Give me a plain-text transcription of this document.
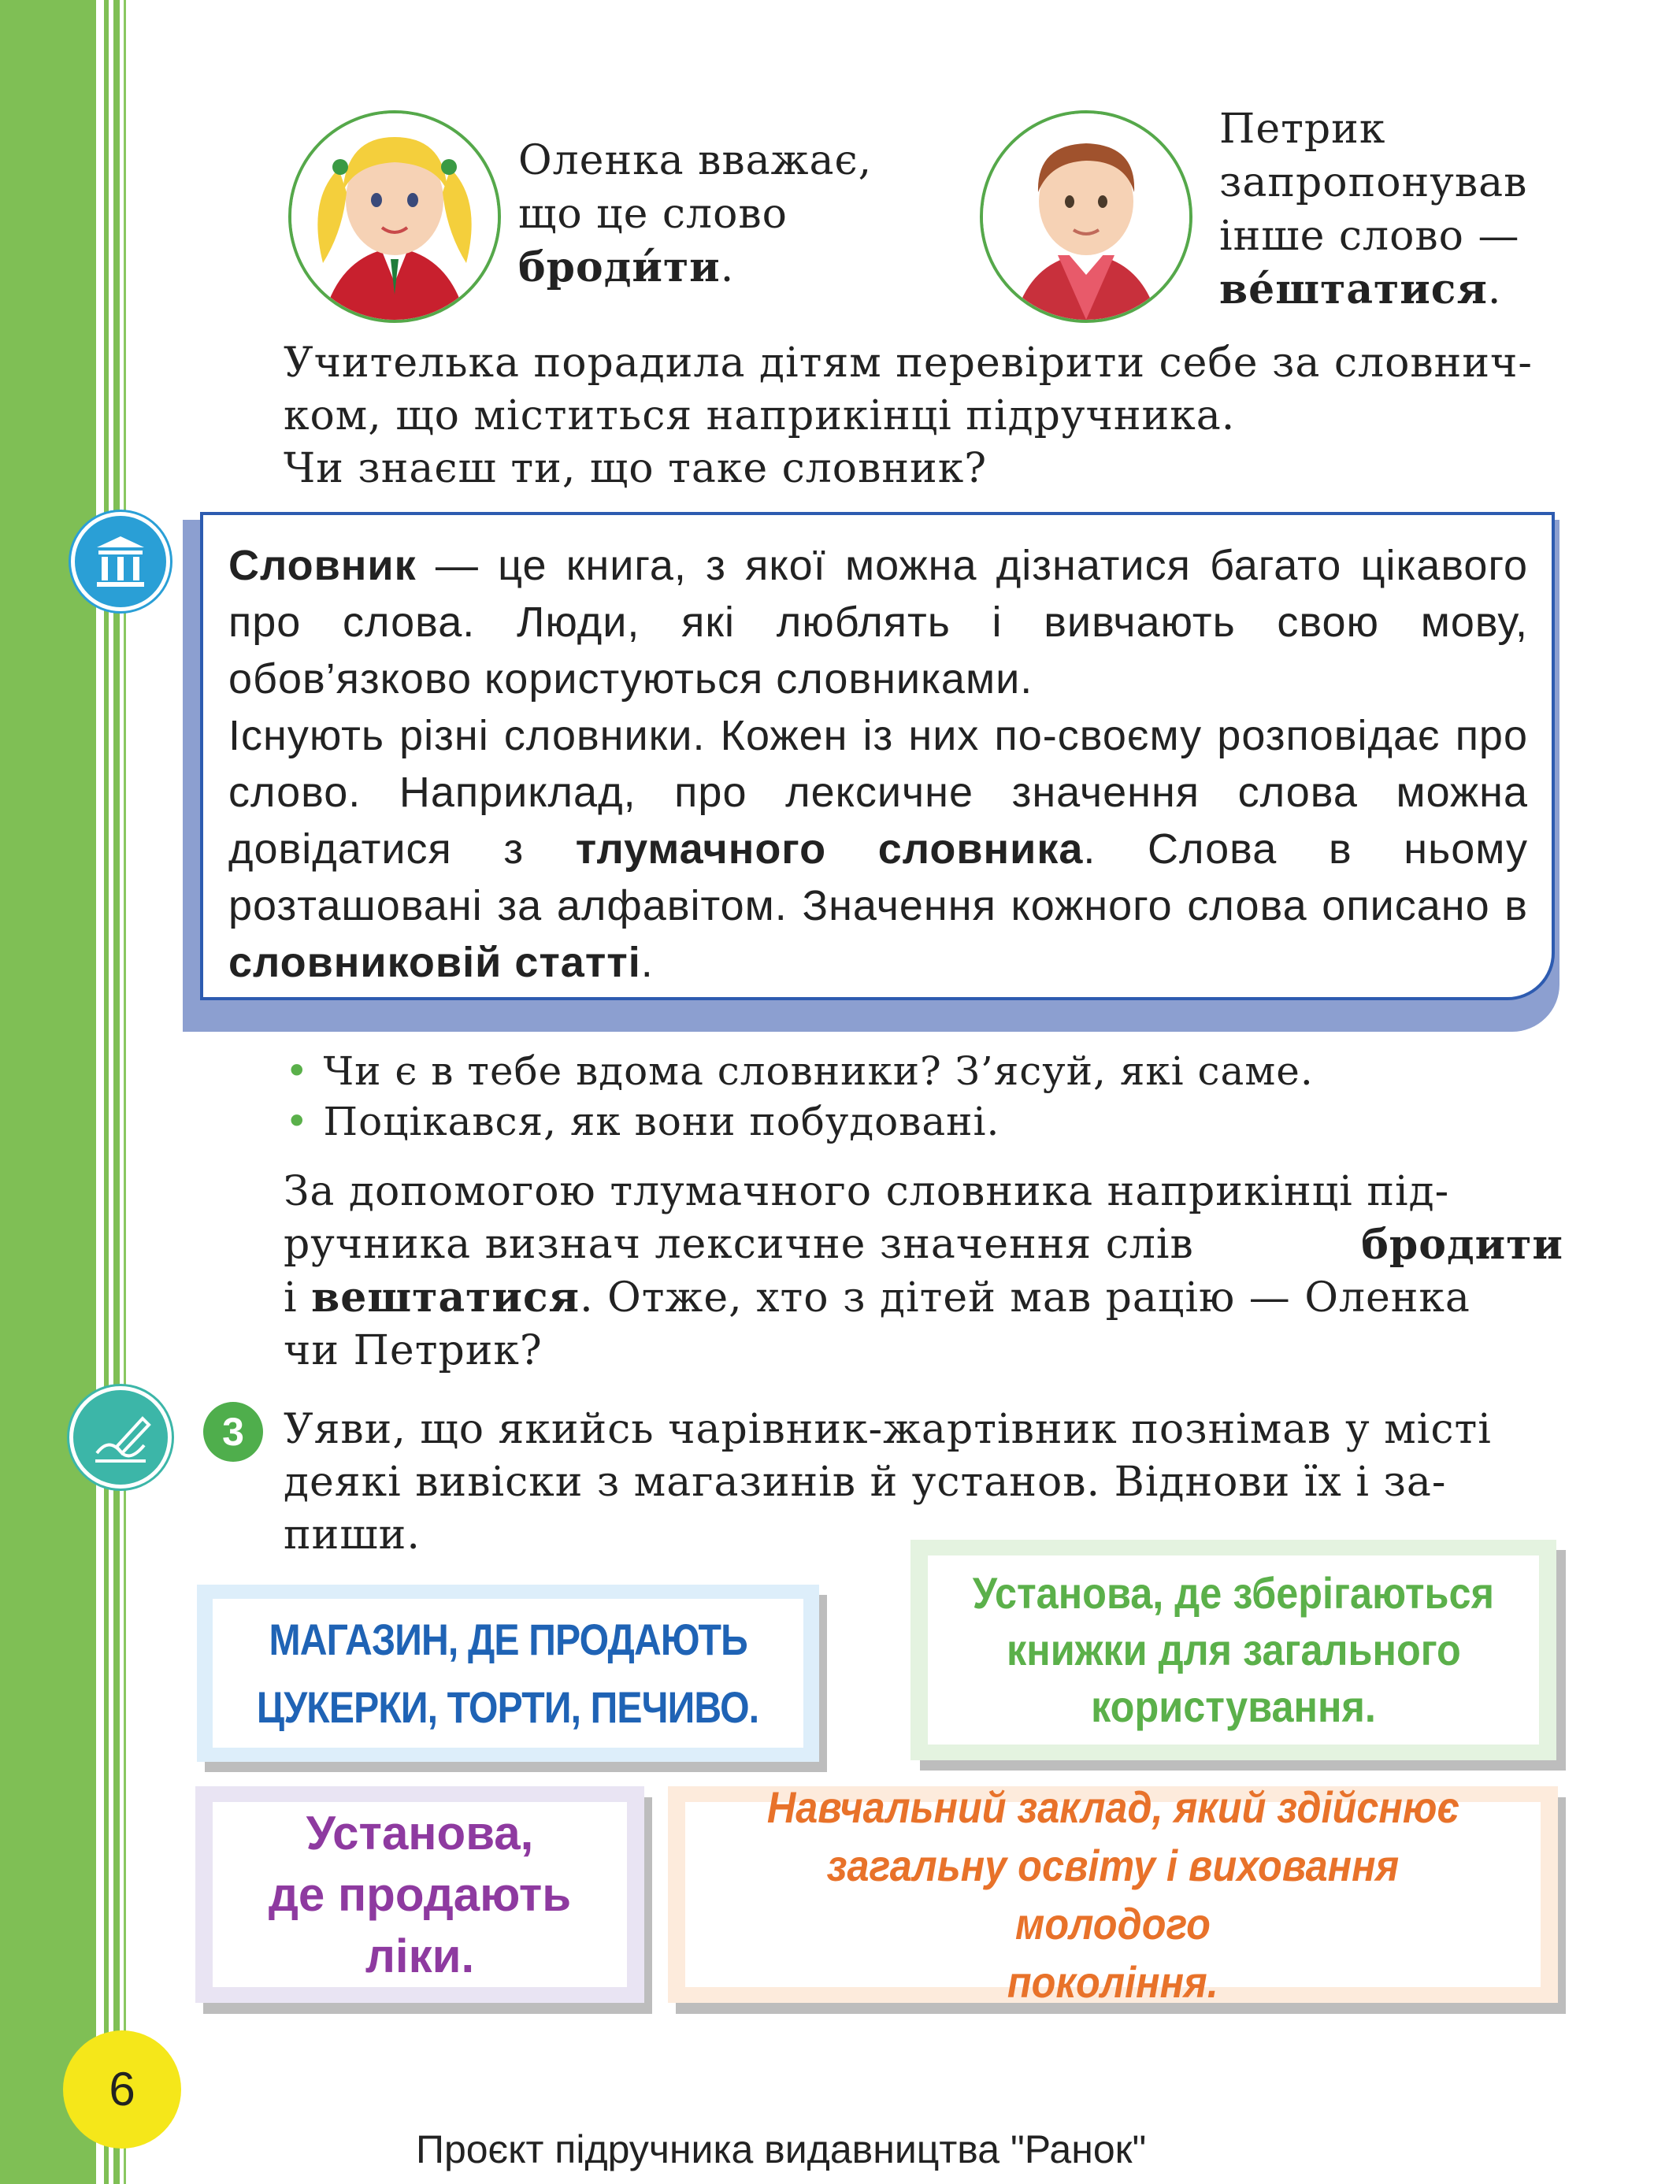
Оленка вважає,
що це слово
броди́ти.
Петрик
запропонував
інше слово —
ве́штатися.
Учителька порадила дітям перевірити себе за словнич-
ком, що міститься наприкінці підручника.
Чи знаєш ти, що таке словник?
Словник — це книга, з якої можна дізнатися багато цікавого про слова. Люди, які люблять і вивчають свою мову, обов’язково користуються словниками.
Існують різні словники. Кожен із них по-своєму розповідає про слово. Наприклад, про лексичне значення слова можна довідатися з тлумачного словника. Слова в ньому розташовані за алфавітом. Значення кожного слова описано в словниковій статті.
• Чи є в тебе вдома словники? З’ясуй, які саме.
• Поцікався, як вони побудовані.
За допомогою тлумачного словника наприкінці під-
ручника визнач лексичне значення слів	бродити
і вештатися. Отже, хто з дітей мав рацію — Оленка
чи Петрик?
3 Уяви, що якийсь чарівник-жартівник познімав у місті
деякі вивіски з магазинів й установ. Віднови їх і за-
пиши.
МАГАЗИН, ДЕ ПРОДАЮТЬ
ЦУКЕРКИ, ТОРТИ, ПЕЧИВО.
Установа, де зберігаються
книжки для загального
користування.
Установа,
де продають
ліки.
Навчальний заклад, який здійснює
загальну освіту і виховання молодого
покоління.
6
Проєкт підручника видавництва "Ранок"
